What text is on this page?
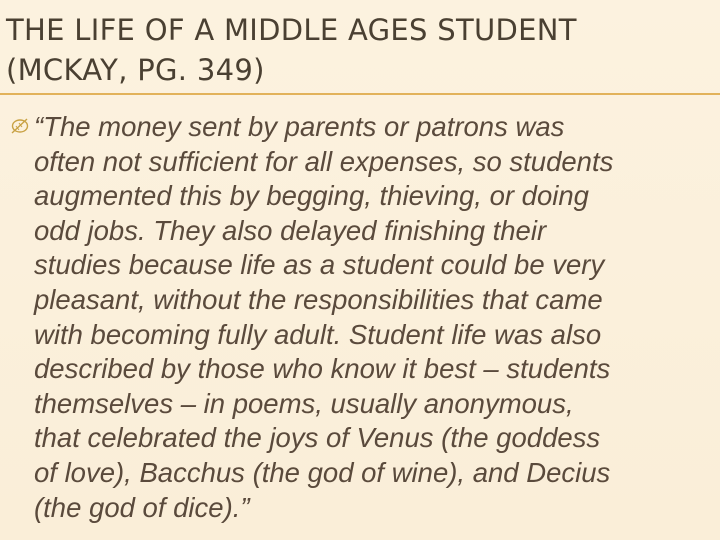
THE LIFE OF A MIDDLE AGES STUDENT
(MCKAY, PG. 349)

“The money sent by parents or patrons was
often not sufficient for all expenses, so students
augmented this by begging, thieving, or doing
odd jobs. They also delayed finishing their
studies because life as a student could be very
pleasant, without the responsibilities that came
with becoming fully adult. Student life was also
described by those who know it best – students
themselves – in poems, usually anonymous,
that celebrated the joys of Venus (the goddess
of love), Bacchus (the god of wine), and Decius
(the god of dice).”
